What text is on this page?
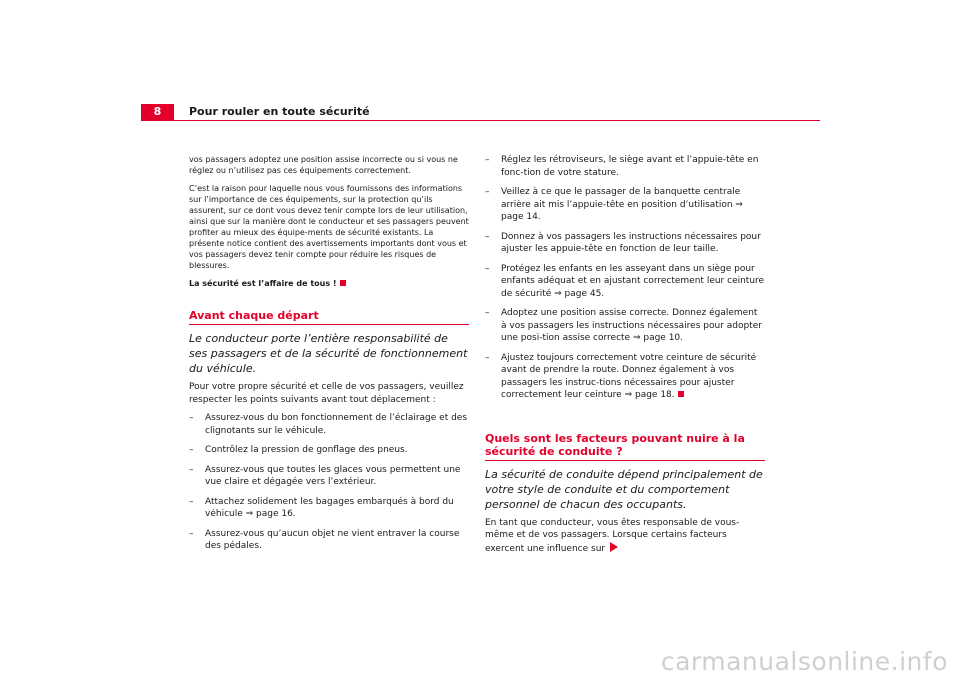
8	Pour rouler en toute sécurité

vos passagers adoptez une position assise incorrecte ou si vous ne réglez ou n’utilisez pas ces équipements correctement.

C’est la raison pour laquelle nous vous fournissons des informations sur l’importance de ces équipements, sur la protection qu’ils assurent, sur ce dont vous devez tenir compte lors de leur utilisation, ainsi que sur la manière dont le conducteur et ses passagers peuvent profiter au mieux des équipe-ments de sécurité existants. La présente notice contient des avertissements importants dont vous et vos passagers devez tenir compte pour réduire les risques de blessures.

La sécurité est l’affaire de tous !

Avant chaque départ

Le conducteur porte l’entière responsabilité de ses passagers et de la sécurité de fonctionnement du véhicule.

Pour votre propre sécurité et celle de vos passagers, veuillez respecter les points suivants avant tout déplacement :

– Assurez-vous du bon fonctionnement de l’éclairage et des clignotants sur le véhicule.
– Contrôlez la pression de gonflage des pneus.
– Assurez-vous que toutes les glaces vous permettent une vue claire et dégagée vers l’extérieur.
– Attachez solidement les bagages embarqués à bord du véhicule ⇒ page 16.
– Assurez-vous qu’aucun objet ne vient entraver la course des pédales.
– Réglez les rétroviseurs, le siège avant et l’appuie-tête en fonc-tion de votre stature.
– Veillez à ce que le passager de la banquette centrale arrière ait mis l’appuie-tête en position d’utilisation ⇒ page 14.
– Donnez à vos passagers les instructions nécessaires pour ajuster les appuie-tête en fonction de leur taille.
– Protégez les enfants en les asseyant dans un siège pour enfants adéquat et en ajustant correctement leur ceinture de sécurité ⇒ page 45.
– Adoptez une position assise correcte. Donnez également à vos passagers les instructions nécessaires pour adopter une posi-tion assise correcte ⇒ page 10.
– Ajustez toujours correctement votre ceinture de sécurité avant de prendre la route. Donnez également à vos passagers les instruc-tions nécessaires pour ajuster correctement leur ceinture ⇒ page 18.
Quels sont les facteurs pouvant nuire à la sécurité de conduite ?

La sécurité de conduite dépend principalement de votre style de conduite et du comportement personnel de chacun des occupants.

En tant que conducteur, vous êtes responsable de vous-même et de vos passagers. Lorsque certains facteurs exercent une influence sur

carmanualsonline.info
